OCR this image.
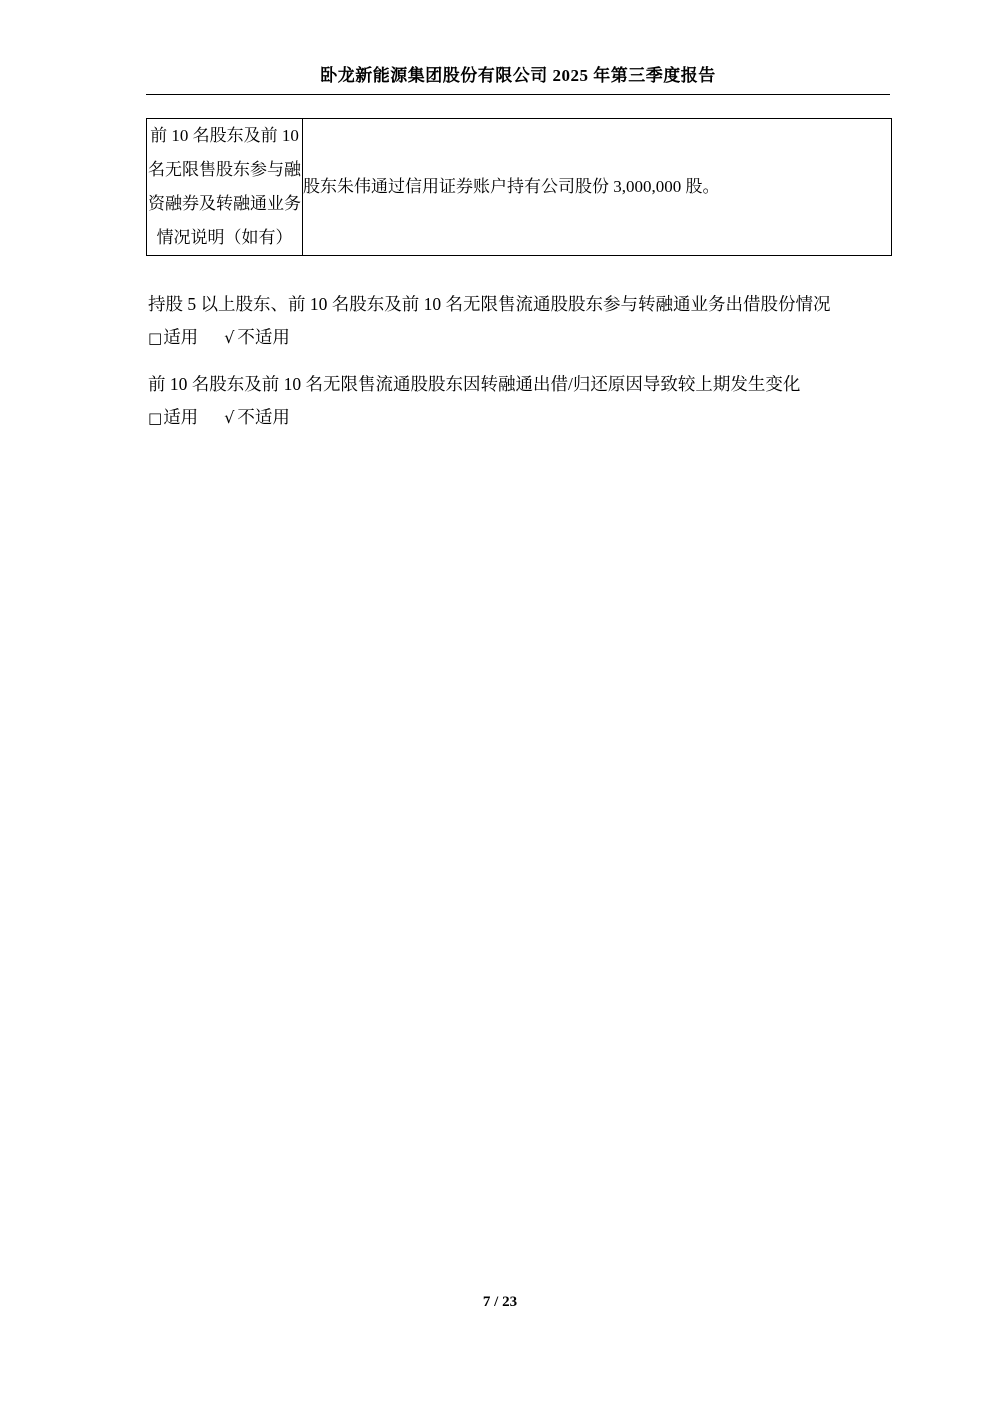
卧龙新能源集团股份有限公司 2025 年第三季度报告
前 10 名股东及前 10 名无限售股东参与融资融券及转融通业务情况说明（如有）	股东朱伟通过信用证券账户持有公司股份 3,000,000 股。
持股 5 以上股东、前 10 名股东及前 10 名无限售流通股股东参与转融通业务出借股份情况
□适用 √ 不适用
前 10 名股东及前 10 名无限售流通股股东因转融通出借/归还原因导致较上期发生变化
□适用 √ 不适用
7 / 23
